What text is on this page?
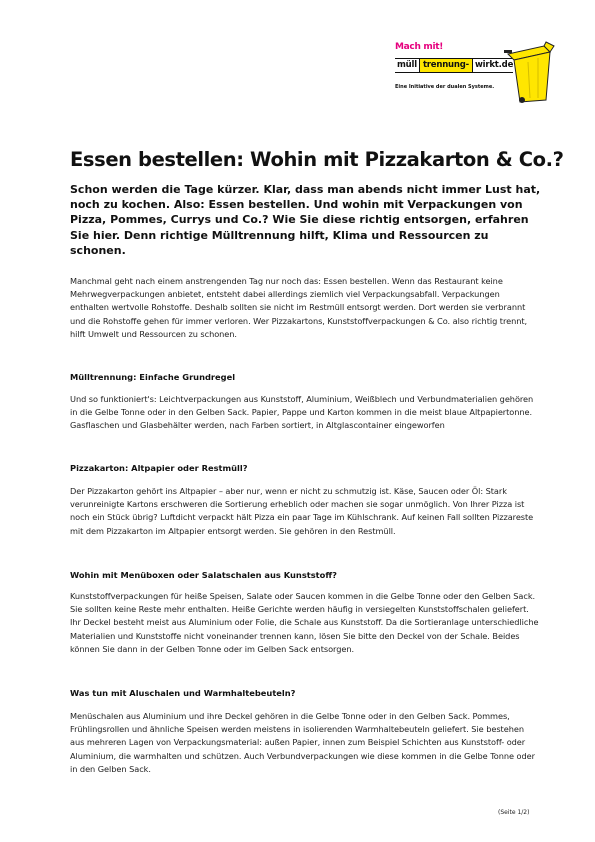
Mach mit!
müll trennung- wirkt.de
Eine Initiative der dualen Systeme.
Essen bestellen: Wohin mit Pizzakarton & Co.?

Schon werden die Tage kürzer. Klar, dass man abends nicht immer Lust hat, noch zu kochen. Also: Essen bestellen. Und wohin mit Verpackungen von Pizza, Pommes, Currys und Co.? Wie Sie diese richtig entsorgen, erfahren Sie hier. Denn richtige Mülltrennung hilft, Klima und Ressourcen zu schonen.

Manchmal geht nach einem anstrengenden Tag nur noch das: Essen bestellen. Wenn das Restaurant keine Mehrwegverpackungen anbietet, entsteht dabei allerdings ziemlich viel Verpackungsabfall. Verpackungen enthalten wertvolle Rohstoffe. Deshalb sollten sie nicht im Restmüll entsorgt werden. Dort werden sie verbrannt und die Rohstoffe gehen für immer verloren. Wer Pizzakartons, Kunststoffverpackungen & Co. also richtig trennt, hilft Umwelt und Ressourcen zu schonen.

Mülltrennung: Einfache Grundregel

Und so funktioniert's: Leichtverpackungen aus Kunststoff, Aluminium, Weißblech und Verbundmaterialien gehören in die Gelbe Tonne oder in den Gelben Sack. Papier, Pappe und Karton kommen in die meist blaue Altpapiertonne. Gasflaschen und Glasbehälter werden, nach Farben sortiert, in Altglascontainer eingeworfen

Pizzakarton: Altpapier oder Restmüll?

Der Pizzakarton gehört ins Altpapier – aber nur, wenn er nicht zu schmutzig ist. Käse, Saucen oder Öl: Stark verunreinigte Kartons erschweren die Sortierung erheblich oder machen sie sogar unmöglich. Von Ihrer Pizza ist noch ein Stück übrig? Luftdicht verpackt hält Pizza ein paar Tage im Kühlschrank. Auf keinen Fall sollten Pizzareste mit dem Pizzakarton im Altpapier entsorgt werden. Sie gehören in den Restmüll.

Wohin mit Menüboxen oder Salatschalen aus Kunststoff?

Kunststoffverpackungen für heiße Speisen, Salate oder Saucen kommen in die Gelbe Tonne oder den Gelben Sack. Sie sollten keine Reste mehr enthalten. Heiße Gerichte werden häufig in versiegelten Kunststoffschalen geliefert. Ihr Deckel besteht meist aus Aluminium oder Folie, die Schale aus Kunststoff. Da die Sortieranlage unterschiedliche Materialien und Kunststoffe nicht voneinander trennen kann, lösen Sie bitte den Deckel von der Schale. Beides können Sie dann in der Gelben Tonne oder im Gelben Sack entsorgen.

Was tun mit Aluschalen und Warmhaltebeuteln?

Menüschalen aus Aluminium und ihre Deckel gehören in die Gelbe Tonne oder in den Gelben Sack. Pommes, Frühlingsrollen und ähnliche Speisen werden meistens in isolierenden Warmhaltebeuteln geliefert. Sie bestehen aus mehreren Lagen von Verpackungsmaterial: außen Papier, innen zum Beispiel Schichten aus Kunststoff- oder Aluminium, die warmhalten und schützen. Auch Verbundverpackungen wie diese kommen in die Gelbe Tonne oder in den Gelben Sack.

(Seite 1/2)
